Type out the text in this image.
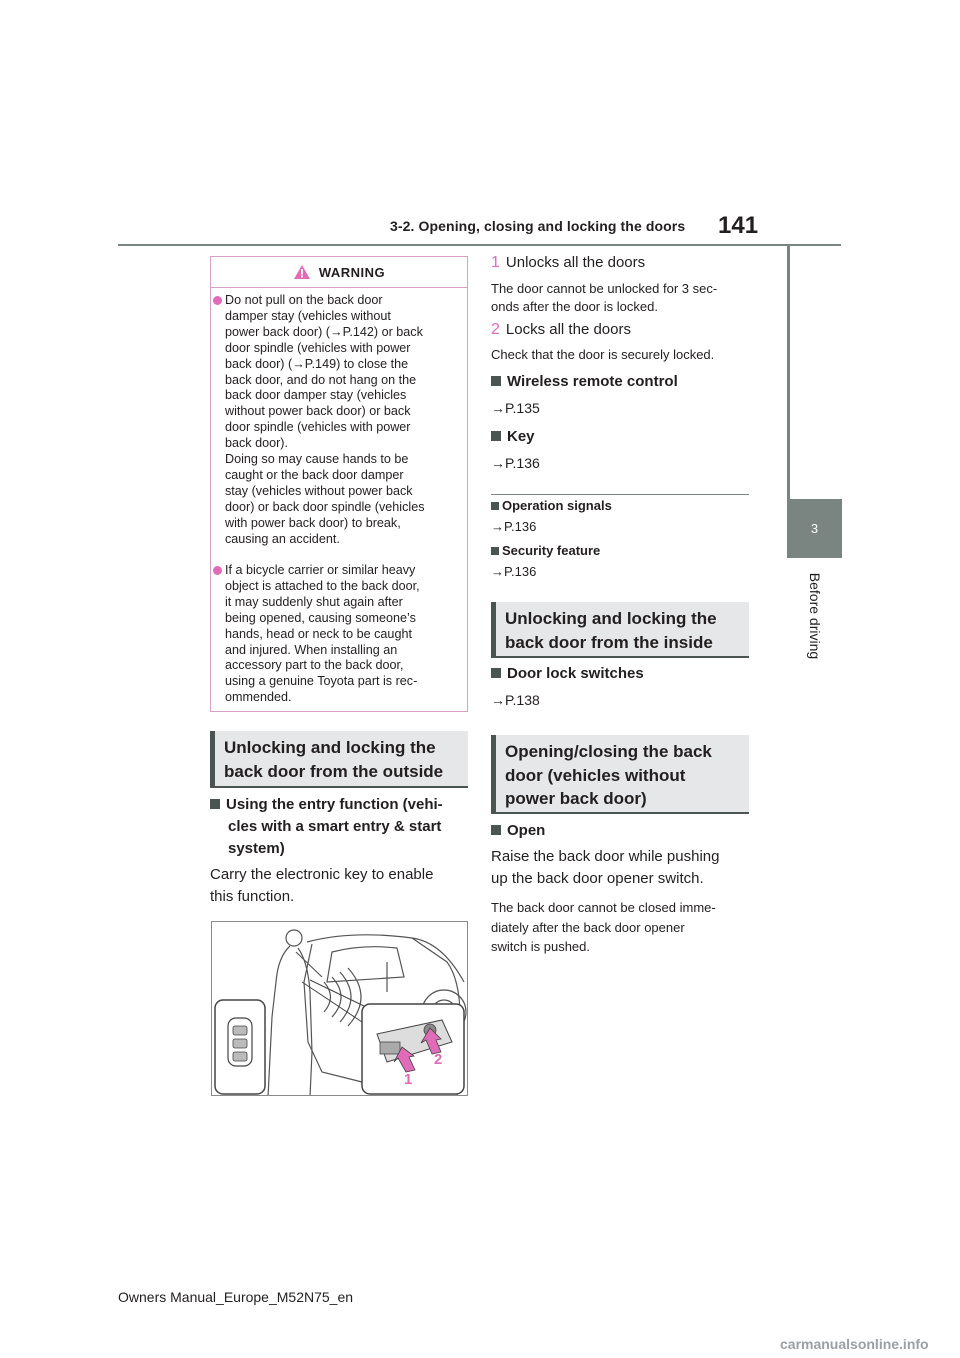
3-2. Opening, closing and locking the doors 141
3
Before driving
WARNING
Do not pull on the back door
damper stay (vehicles without
power back door) (→P.142) or back
door spindle (vehicles with power
back door) (→P.149) to close the
back door, and do not hang on the
back door damper stay (vehicles
without power back door) or back
door spindle (vehicles with power
back door).
Doing so may cause hands to be
caught or the back door damper
stay (vehicles without power back
door) or back door spindle (vehicles
with power back door) to break,
causing an accident.
If a bicycle carrier or similar heavy
object is attached to the back door,
it may suddenly shut again after
being opened, causing someone’s
hands, head or neck to be caught
and injured. When installing an
accessory part to the back door,
using a genuine Toyota part is rec-
ommended.
Unlocking and locking the
back door from the outside
Using the entry function (vehi-
cles with a smart entry & start
system)
Carry the electronic key to enable
this function.
1
2
1 Unlocks all the doors
The door cannot be unlocked for 3 sec-
onds after the door is locked.
2 Locks all the doors
Check that the door is securely locked.
Wireless remote control
→P.135
Key
→P.136
Operation signals
→P.136
Security feature
→P.136
Unlocking and locking the
back door from the inside
Door lock switches
→P.138
Opening/closing the back
door (vehicles without
power back door)
Open
Raise the back door while pushing
up the back door opener switch.
The back door cannot be closed imme-
diately after the back door opener
switch is pushed.
Owners Manual_Europe_M52N75_en
carmanualsonline.info
